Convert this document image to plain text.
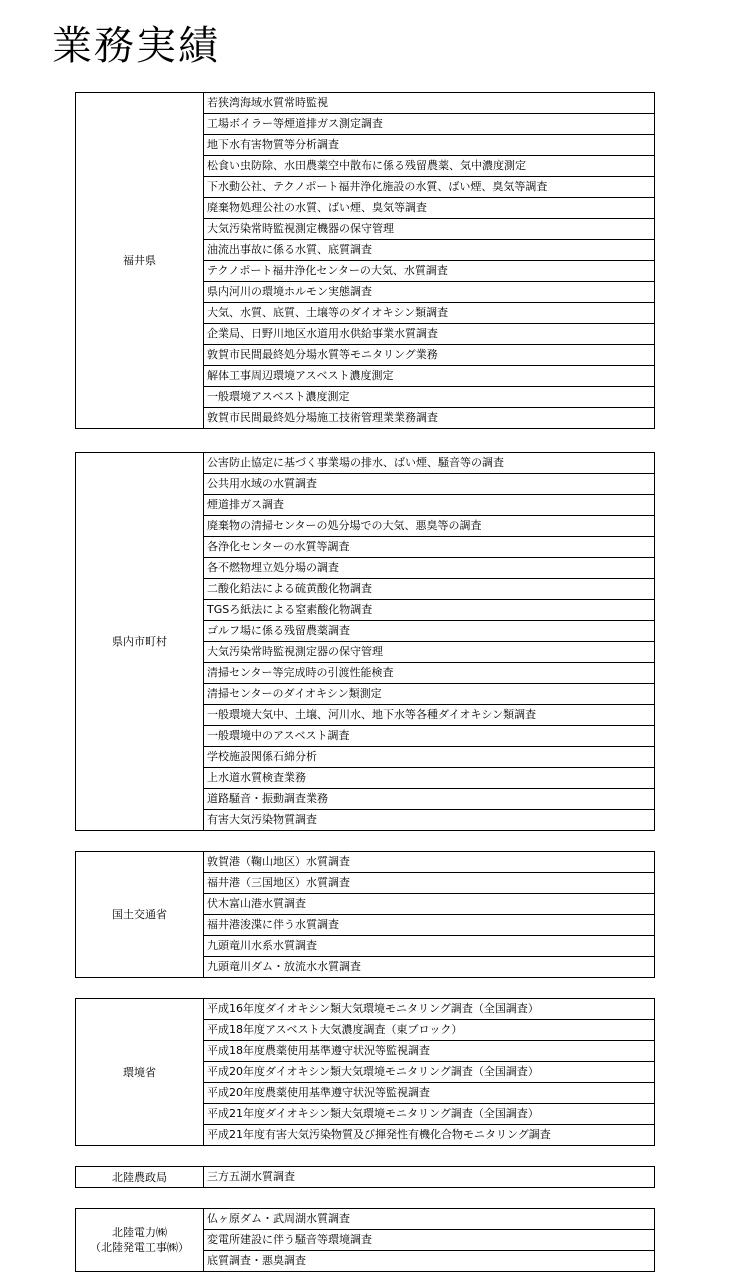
業務実績
福井県	若狭湾海域水質常時監視
工場ボイラー等煙道排ガス測定調査
地下水有害物質等分析調査
松食い虫防除、水田農薬空中散布に係る残留農薬、気中濃度測定
下水動公社、テクノポート福井浄化施設の水質、ばい煙、臭気等調査
廃棄物処理公社の水質、ばい煙、臭気等調査
大気汚染常時監視測定機器の保守管理
油流出事故に係る水質、底質調査
テクノポート福井浄化センターの大気、水質調査
県内河川の環境ホルモン実態調査
大気、水質、底質、土壌等のダイオキシン類調査
企業局、日野川地区水道用水供給事業水質調査
敦賀市民間最終処分場水質等モニタリング業務
解体工事周辺環境アスベスト濃度測定
一般環境アスベスト濃度測定
敦賀市民間最終処分場施工技術管理業業務調査
県内市町村	公害防止協定に基づく事業場の排水、ばい煙、騒音等の調査
公共用水域の水質調査
煙道排ガス調査
廃棄物の清掃センターの処分場での大気、悪臭等の調査
各浄化センターの水質等調査
各不燃物埋立処分場の調査
二酸化鉛法による硫黄酸化物調査
TGSろ紙法による窒素酸化物調査
ゴルフ場に係る残留農薬調査
大気汚染常時監視測定器の保守管理
清掃センター等完成時の引渡性能検査
清掃センターのダイオキシン類測定
一般環境大気中、土壌、河川水、地下水等各種ダイオキシン類調査
一般環境中のアスベスト調査
学校施設関係石綿分析
上水道水質検査業務
道路騒音・振動調査業務
有害大気汚染物質調査
国土交通省	敦賀港（鞠山地区）水質調査
福井港（三国地区）水質調査
伏木富山港水質調査
福井港浚渫に伴う水質調査
九頭竜川水系水質調査
九頭竜川ダム・放流水水質調査
環境省	平成16年度ダイオキシン類大気環境モニタリング調査（全国調査）
平成18年度アスベスト大気濃度調査（東ブロック）
平成18年度農薬使用基準遵守状況等監視調査
平成20年度ダイオキシン類大気環境モニタリング調査（全国調査）
平成20年度農薬使用基準遵守状況等監視調査
平成21年度ダイオキシン類大気環境モニタリング調査（全国調査）
平成21年度有害大気汚染物質及び揮発性有機化合物モニタリング調査
北陸農政局	三方五湖水質調査
北陸電力㈱
（北陸発電工事㈱）	仏ヶ原ダム・武周湖水質調査
変電所建設に伴う騒音等環境調査
底質調査・悪臭調査
